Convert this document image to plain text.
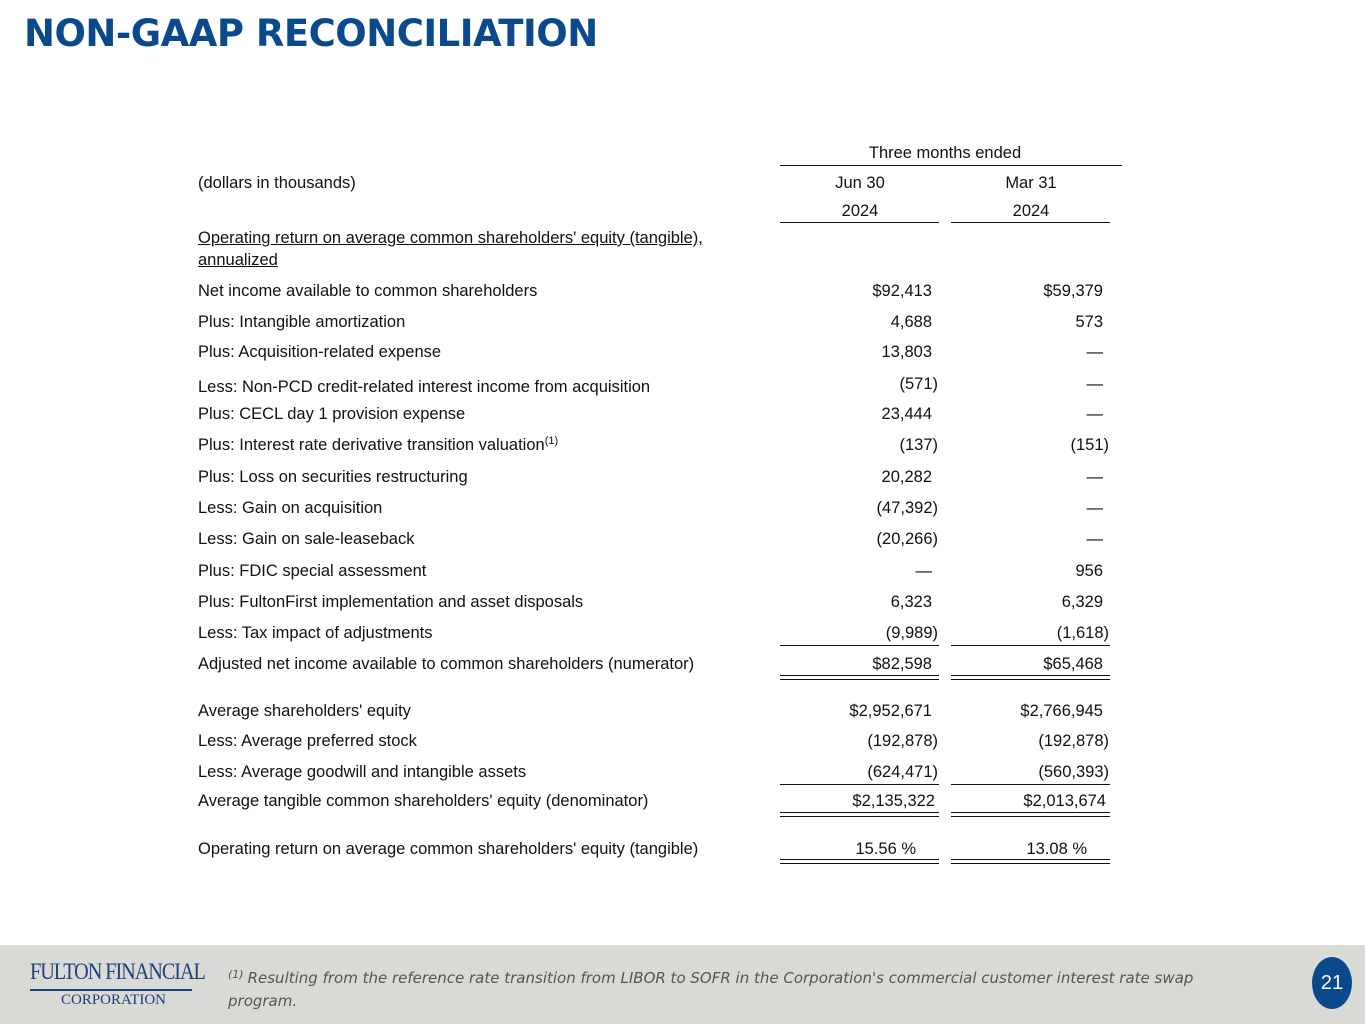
NON-GAAP RECONCILIATION
Three months ended
(dollars in thousands)	Jun 30	Mar 31
2024	2024
Operating return on average common shareholders' equity (tangible), annualized
Net income available to common shareholders	$92,413	$59,379
Plus: Intangible amortization	4,688	573
Plus: Acquisition-related expense	13,803	—
Less: Non-PCD credit-related interest income from acquisition	(571)	—
Plus: CECL day 1 provision expense	23,444	—
Plus: Interest rate derivative transition valuation$^{(1)}$	(137)	(151)
Plus: Loss on securities restructuring	20,282	—
Less: Gain on acquisition	(47,392)	—
Less: Gain on sale-leaseback	(20,266)	—
Plus: FDIC special assessment	—	956
Plus: FultonFirst implementation and asset disposals	6,323	6,329
Less: Tax impact of adjustments	(9,989)	(1,618)
Adjusted net income available to common shareholders (numerator)	$82,598	$65,468
Average shareholders' equity	$2,952,671	$2,766,945
Less: Average preferred stock	(192,878)	(192,878)
Less: Average goodwill and intangible assets	(624,471)	(560,393)
Average tangible common shareholders' equity (denominator)	$2,135,322	$2,013,674
Operating return on average common shareholders' equity (tangible)	15.56 %	13.08 %
FULTON FINANCIAL
CORPORATION
$^{(1)}$ Resulting from the reference rate transition from LIBOR to SOFR in the Corporation's commercial customer interest rate swap program.
21
